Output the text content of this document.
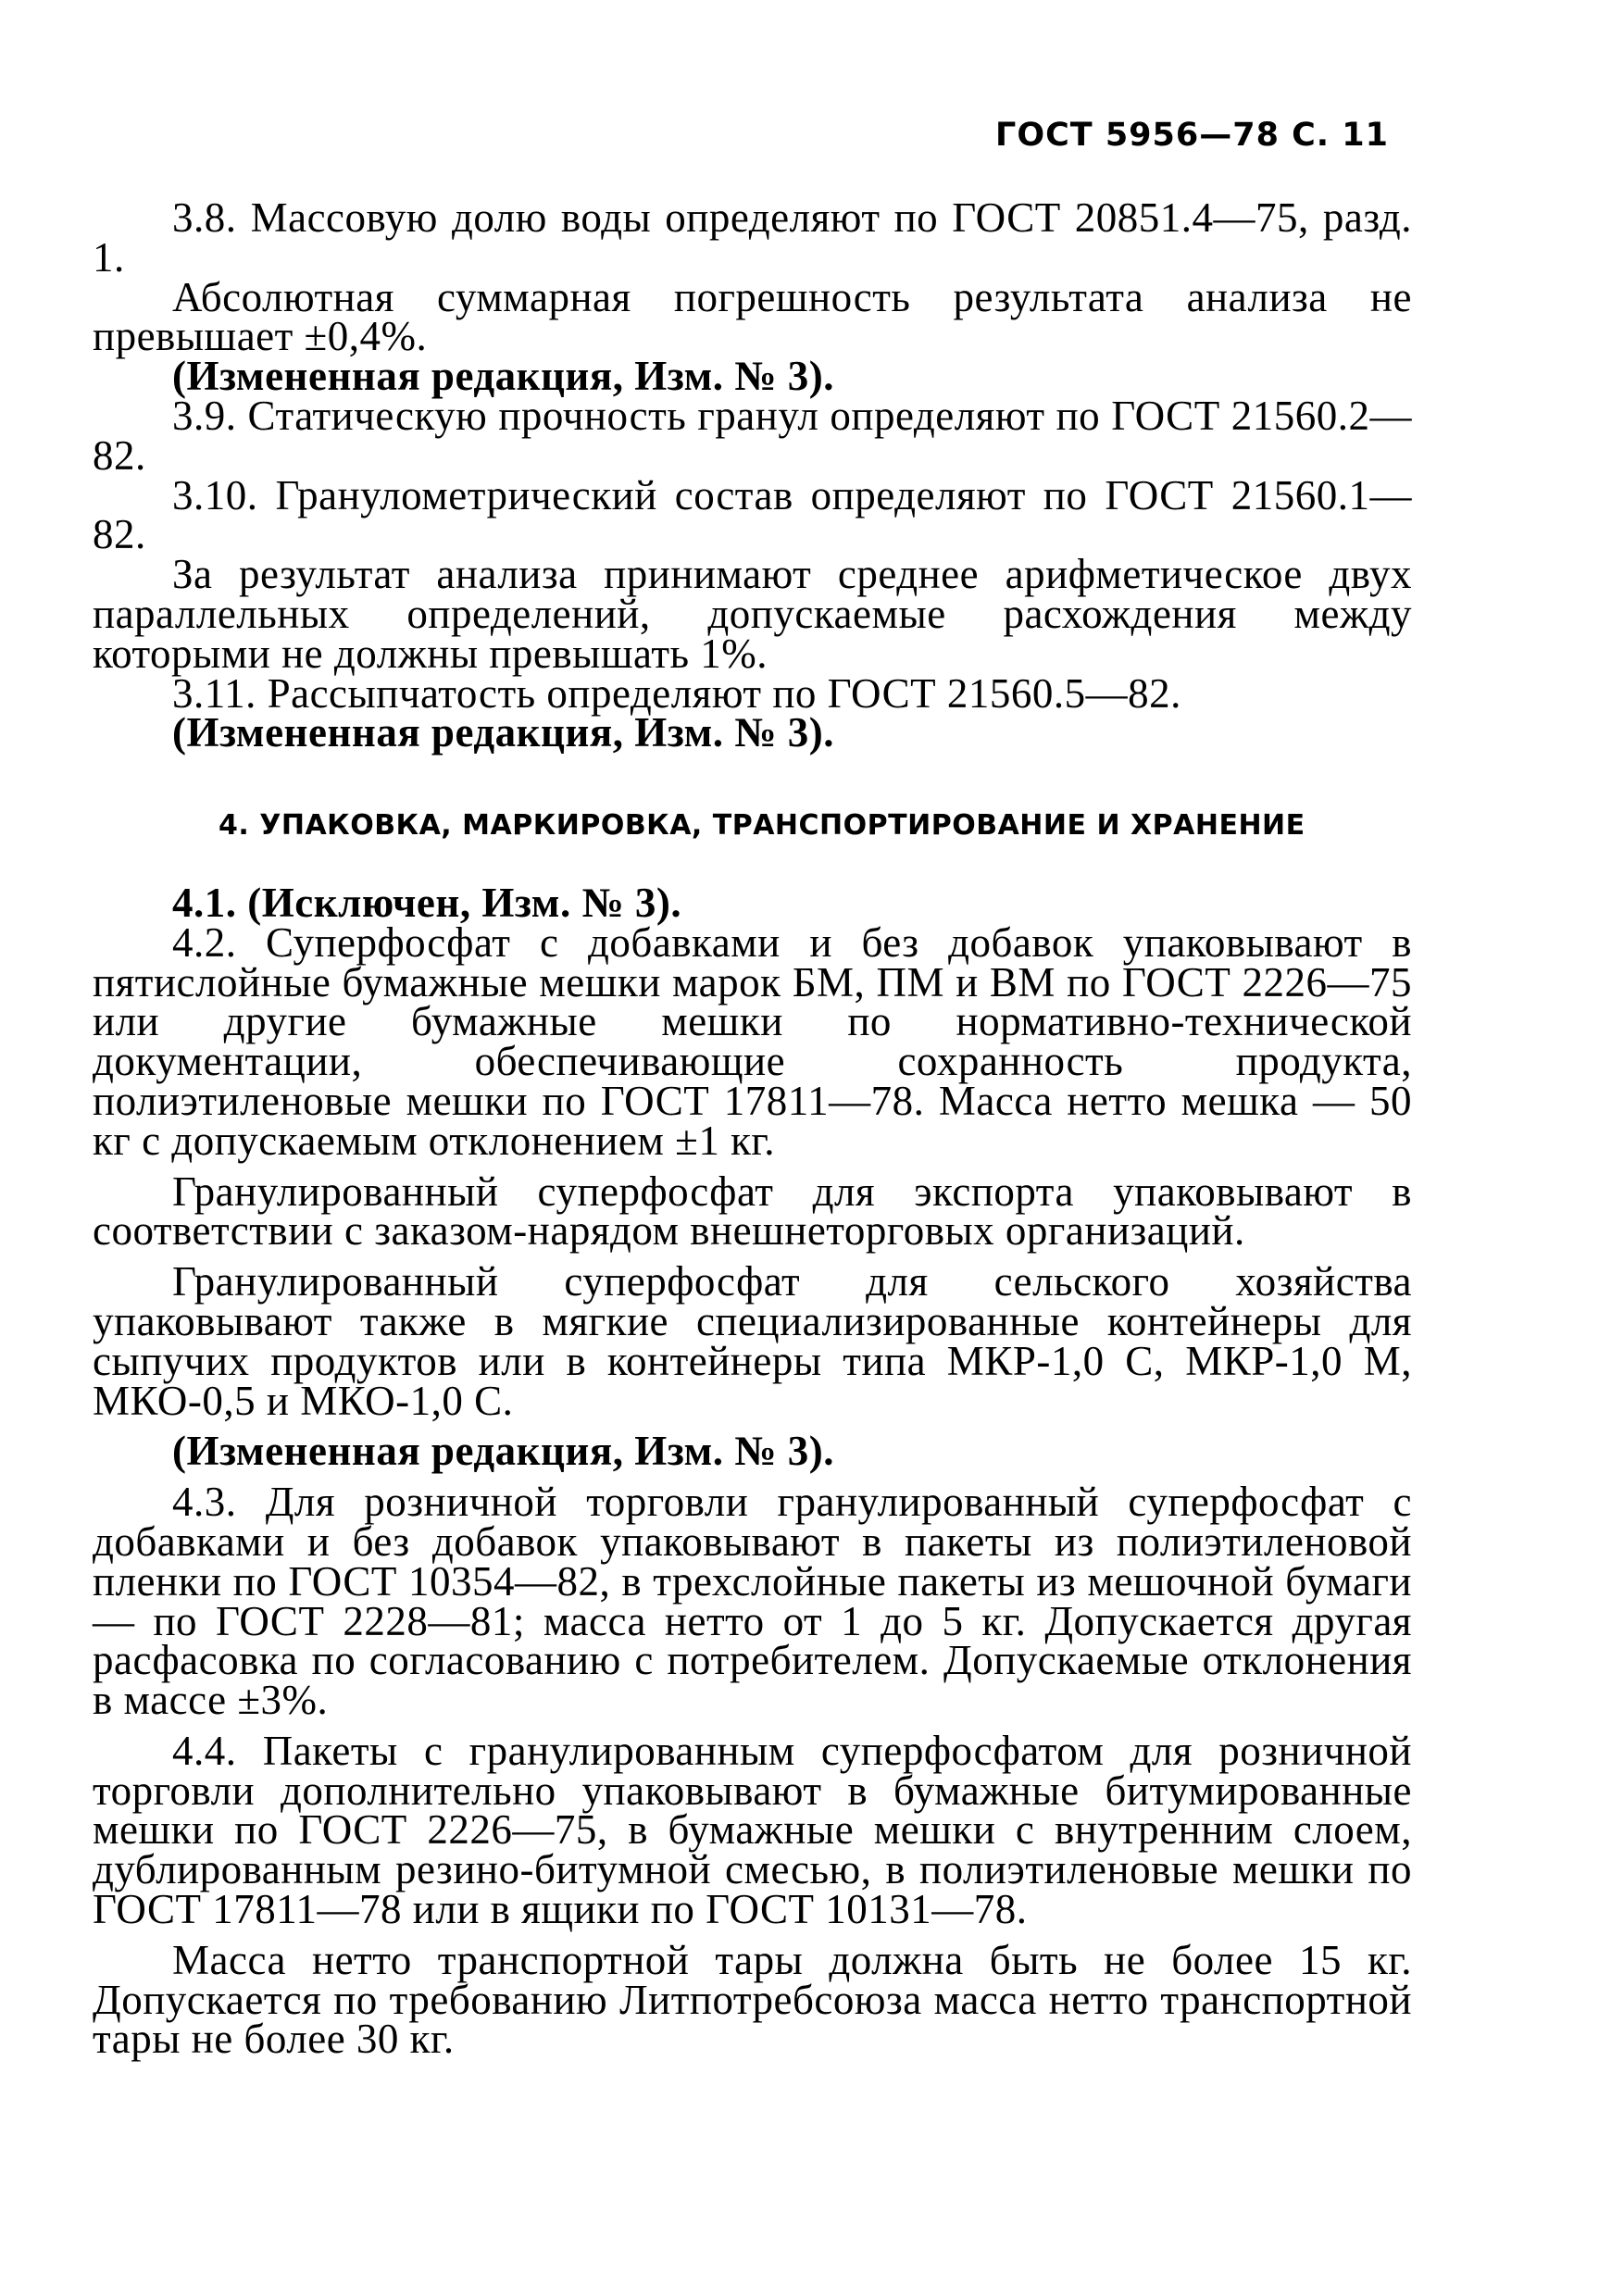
ГОСТ 5956—78 С. 11

3.8. Массовую долю воды определяют по ГОСТ 20851.4—75, разд. 1.

Абсолютная суммарная погрешность результата анализа не превышает ±0,4%.

(Измененная редакция, Изм. № 3).

3.9. Статическую прочность гранул определяют по ГОСТ 21560.2—82.

3.10. Гранулометрический состав определяют по ГОСТ 21560.1—82.

За результат анализа принимают среднее арифметическое двух параллельных определений, допускаемые расхождения между которыми не должны превышать 1%.

3.11. Рассыпчатость определяют по ГОСТ 21560.5—82.

(Измененная редакция, Изм. № 3).

4. УПАКОВКА, МАРКИРОВКА, ТРАНСПОРТИРОВАНИЕ И ХРАНЕНИЕ

4.1. (Исключен, Изм. № 3).

4.2. Суперфосфат с добавками и без добавок упаковывают в пятислойные бумажные мешки марок БМ, ПМ и ВМ по ГОСТ 2226—75 или другие бумажные мешки по нормативно-технической документации, обеспечивающие сохранность продукта, полиэтиленовые мешки по ГОСТ 17811—78. Масса нетто мешка — 50 кг с допускаемым отклонением ±1 кг.

Гранулированный суперфосфат для экспорта упаковывают в соответствии с заказом-нарядом внешнеторговых организаций.

Гранулированный суперфосфат для сельского хозяйства упаковывают также в мягкие специализированные контейнеры для сыпучих продуктов или в контейнеры типа МКР-1,0 С, МКР-1,0 М, МКО-0,5 и МКО-1,0 С.

(Измененная редакция, Изм. № 3).

4.3. Для розничной торговли гранулированный суперфосфат с добавками и без добавок упаковывают в пакеты из полиэтиленовой пленки по ГОСТ 10354—82, в трехслойные пакеты из мешочной бумаги — по ГОСТ 2228—81; масса нетто от 1 до 5 кг. Допускается другая расфасовка по согласованию с потребителем. Допускаемые отклонения в массе ±3%.

4.4. Пакеты с гранулированным суперфосфатом для розничной торговли дополнительно упаковывают в бумажные битумированные мешки по ГОСТ 2226—75, в бумажные мешки с внутренним слоем, дублированным резино-битумной смесью, в полиэтиленовые мешки по ГОСТ 17811—78 или в ящики по ГОСТ 10131—78.

Масса нетто транспортной тары должна быть не более 15 кг. Допускается по требованию Литпотребсоюза масса нетто транспортной тары не более 30 кг.
